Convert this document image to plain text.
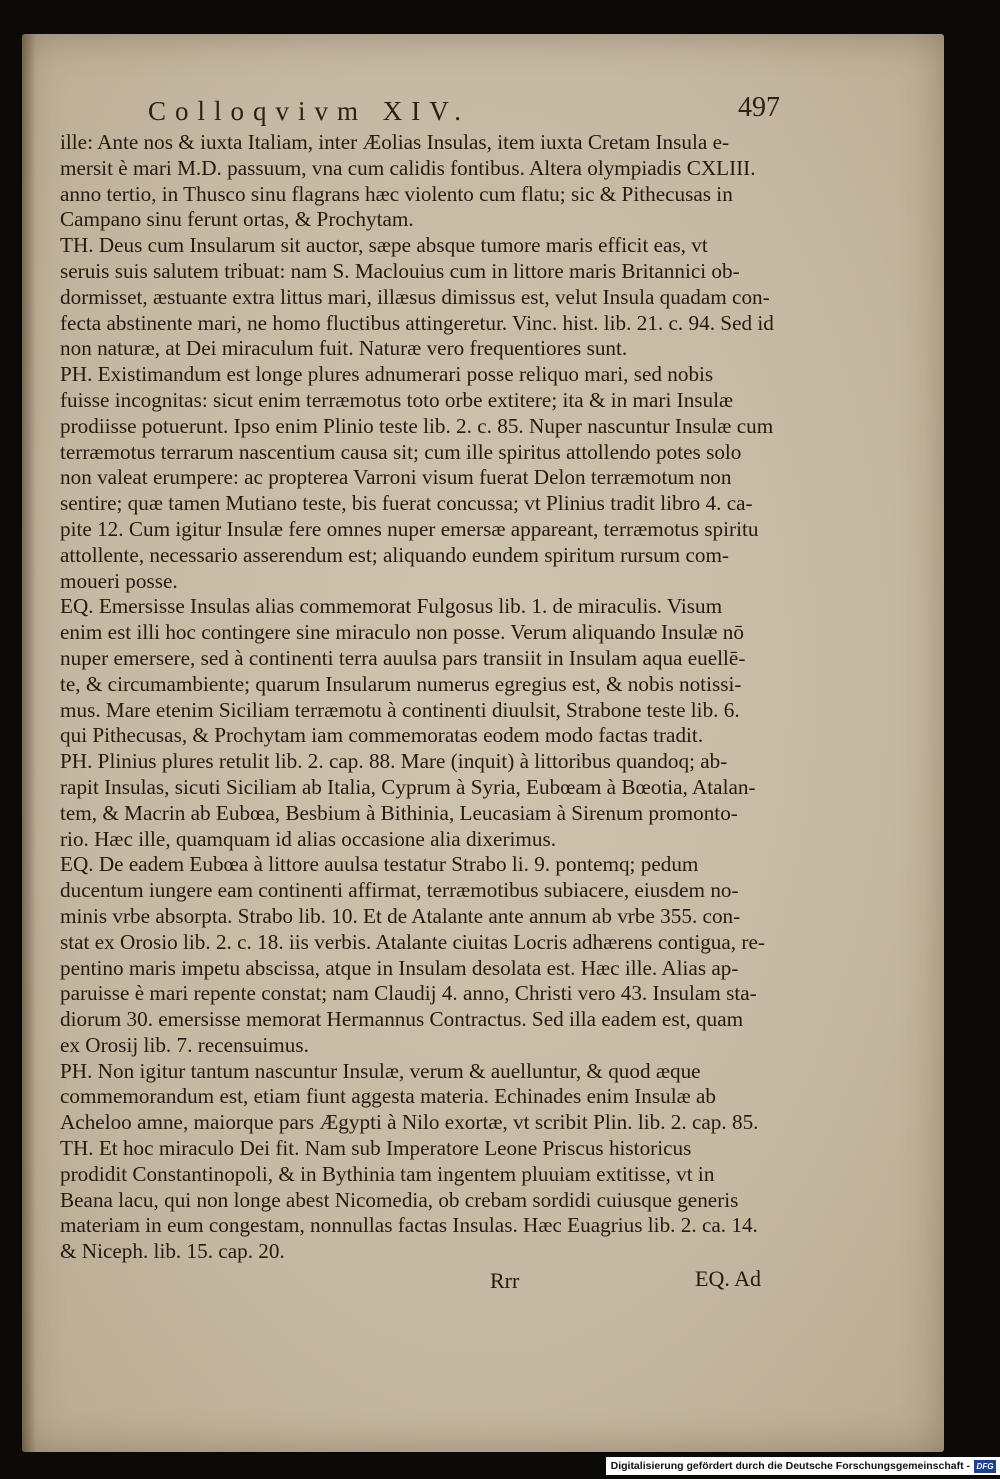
Colloqvivm XIV.	497
ille: Ante nos & iuxta Italiam, inter Æolias Insulas, item iuxta Cretam Insula e-
mersit è mari M.D. passuum, vna cum calidis fontibus. Altera olympiadis CXLIII.
anno tertio, in Thusco sinu flagrans hæc violento cum flatu; sic & Pithecusas in
Campano sinu ferunt ortas, & Prochytam.
TH. Deus cum Insularum sit auctor, sæpe absque tumore maris efficit eas, vt
seruis suis salutem tribuat: nam S. Maclouius cum in littore maris Britannici ob-
dormisset, æstuante extra littus mari, illæsus dimissus est, velut Insula quadam con-
fecta abstinente mari, ne homo fluctibus attingeretur. Vinc. hist. lib. 21. c. 94. Sed id
non naturæ, at Dei miraculum fuit. Naturæ vero frequentiores sunt.
PH. Existimandum est longe plures adnumerari posse reliquo mari, sed nobis
fuisse incognitas: sicut enim terræmotus toto orbe extitere; ita & in mari Insulæ
prodiisse potuerunt. Ipso enim Plinio teste lib. 2. c. 85. Nuper nascuntur Insulæ cum
terræmotus terrarum nascentium causa sit; cum ille spiritus attollendo potes solo
non valeat erumpere: ac propterea Varroni visum fuerat Delon terræmotum non
sentire; quæ tamen Mutiano teste, bis fuerat concussa; vt Plinius tradit libro 4. ca-
pite 12. Cum igitur Insulæ fere omnes nuper emersæ appareant, terræmotus spiritu
attollente, necessario asserendum est; aliquando eundem spiritum rursum com-
moueri posse.
EQ. Emersisse Insulas alias commemorat Fulgosus lib. 1. de miraculis. Visum
enim est illi hoc contingere sine miraculo non posse. Verum aliquando Insulæ nō
nuper emersere, sed à continenti terra auulsa pars transiit in Insulam aqua euellē-
te, & circumambiente; quarum Insularum numerus egregius est, & nobis notissi-
mus. Mare etenim Siciliam terræmotu à continenti diuulsit, Strabone teste lib. 6.
qui Pithecusas, & Prochytam iam commemoratas eodem modo factas tradit.
PH. Plinius plures retulit lib. 2. cap. 88. Mare (inquit) à littoribus quandoq; ab-
rapit Insulas, sicuti Siciliam ab Italia, Cyprum à Syria, Eubœam à Bœotia, Atalan-
tem, & Macrin ab Eubœa, Besbium à Bithinia, Leucasiam à Sirenum promonto-
rio. Hæc ille, quamquam id alias occasione alia dixerimus.
EQ. De eadem Eubœa à littore auulsa testatur Strabo li. 9. pontemq; pedum
ducentum iungere eam continenti affirmat, terræmotibus subiacere, eiusdem no-
minis vrbe absorpta. Strabo lib. 10. Et de Atalante ante annum ab vrbe 355. con-
stat ex Orosio lib. 2. c. 18. iis verbis. Atalante ciuitas Locris adhærens contigua, re-
pentino maris impetu abscissa, atque in Insulam desolata est. Hæc ille. Alias ap-
paruisse è mari repente constat; nam Claudij 4. anno, Christi vero 43. Insulam sta-
diorum 30. emersisse memorat Hermannus Contractus. Sed illa eadem est, quam
ex Orosij lib. 7. recensuimus.
PH. Non igitur tantum nascuntur Insulæ, verum & auelluntur, & quod æque
commemorandum est, etiam fiunt aggesta materia. Echinades enim Insulæ ab
Acheloo amne, maiorque pars Ægypti à Nilo exortæ, vt scribit Plin. lib. 2. cap. 85.
TH. Et hoc miraculo Dei fit. Nam sub Imperatore Leone Priscus historicus
prodidit Constantinopoli, & in Bythinia tam ingentem pluuiam extitisse, vt in
Beana lacu, qui non longe abest Nicomedia, ob crebam sordidi cuiusque generis
materiam in eum congestam, nonnullas factas Insulas. Hæc Euagrius lib. 2. ca. 14.
& Niceph. lib. 15. cap. 20.
Rrr	EQ. Ad
Digitalisierung gefördert durch die Deutsche Forschungsgemeinschaft - DFG
